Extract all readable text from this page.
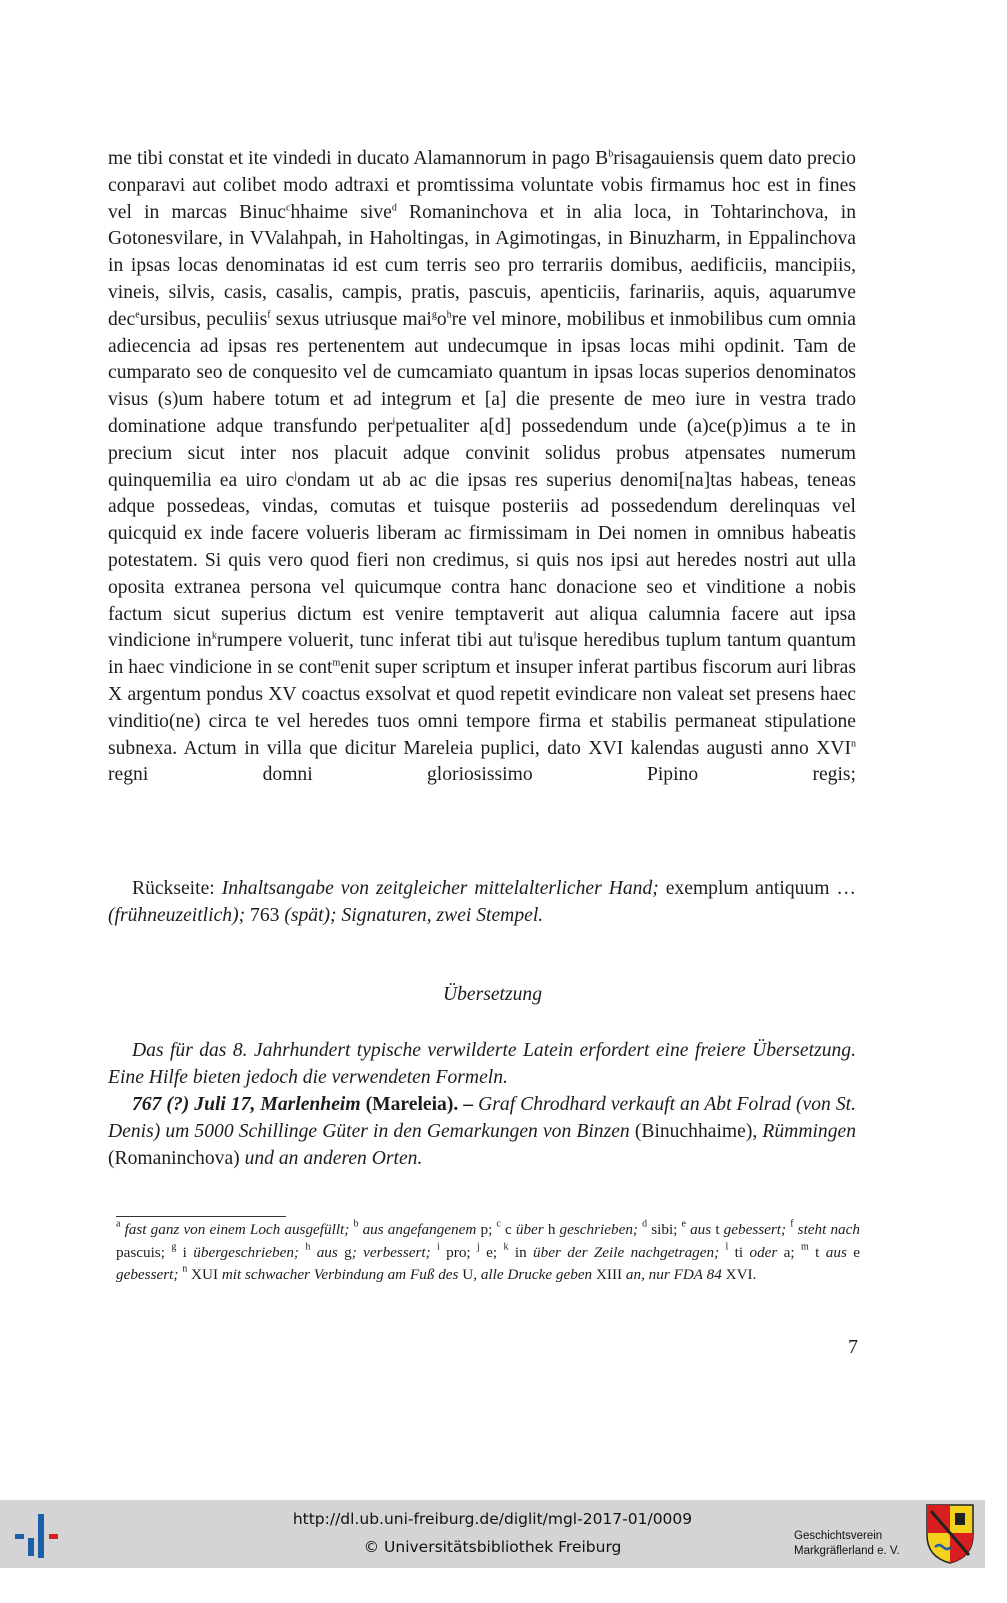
me tibi constat et ite vindedi in ducato Alamannorum in pago $B^brisagauiensis$ quem dato precio conparavi aut colibet modo adtraxi et promtissima voluntate vobis firmamus hoc est in fines vel in marcas Binuc$^c$hhaime sive$^d$ Romaninchova et in alia loca, in Tohtarinchova, in Gotonesvilare, in VValahpah, in Haholtingas, in Agimotingas, in Binuzharm, in Eppalinchova in ipsas locas denominatas id est cum terris seo pro terrariis domibus, aedificiis, mancipiis, vineis, silvis, casis, casalis, campis, pratis, pascuis, apenticiis, farinariis, aquis, aquarumve dec$^e$ursibus, peculiis$^f$ sexus utriusque $mai^go^hre$ vel minore, mobilibus et inmobilibus cum omnia adiecencia ad ipsas res pertenentem aut undecumque in ipsas locas mihi opdinit. Tam de cumparato seo de conquesito vel de cumcamiato quantum in ipsas locas superios denominatos visus (s)um habere totum et ad integrum et [a] die presente de meo iure in vestra trado dominatione adque transfundo per$^i$petualiter a[d] possedendum unde (a)ce(p)imus a te in precium sicut inter nos placuit adque convinit solidus probus atpensates numerum quinquemilia ea uiro $c^jondam$ ut ab ac die ipsas res superius denomi[na]tas habeas, teneas adque possedeas, vindas, comutas et tuisque posteriis ad possedendum derelinquas vel quicquid ex inde facere volueris liberam ac firmissimam in Dei nomen in omnibus habeatis potestatem. Si quis vero quod fieri non credimus, si quis nos ipsi aut heredes nostri aut ulla oposita extranea persona vel quicumque contra hanc donacione seo et vinditione a nobis factum sicut superius dictum est venire temptaverit aut aliqua calumnia facere aut ipsa vindicione $in^krumpere$ voluerit, tunc inferat tibi aut $tu^lisque$ heredibus tuplum tantum quantum in haec vindicione in se cont$^m$enit super scriptum et insuper inferat partibus fiscorum auri libras X argentum pondus XV coactus exsolvat et quod repetit evindicare non valeat set presens haec vinditio(ne) circa te vel heredes tuos omni tempore firma et stabilis permaneat stipulatione subnexa. Actum in villa que dicitur Mareleia puplici, dato XVI kalendas augusti anno XVI$^n$ regni domni gloriosissimo Pipino regis;

Rückseite: Inhaltsangabe von zeitgleicher mittelalterlicher Hand; exemplum antiquum …(frühneuzeitlich); 763 (spät); Signaturen, zwei Stempel.

Übersetzung

Das für das 8. Jahrhundert typische verwilderte Latein erfordert eine freiere Übersetzung. Eine Hilfe bieten jedoch die verwendeten Formeln.

767 (?) Juli 17, Marlenheim (Mareleia). – Graf Chrodhard verkauft an Abt Folrad (von St. Denis) um 5000 Schillinge Güter in den Gemarkungen von Binzen (Binuchhaime), Rümmingen (Romaninchova) und an anderen Orten.

$^a$ fast ganz von einem Loch ausgefüllt; $^b$ aus angefangenem p; $^c$ c über h geschrieben; $^d$ sibi; $^e$ aus t gebessert; $^f$ steht nach pascuis; $^g$ i übergeschrieben; $^h$ aus g; verbessert; $^i$ pro; $^j$ e; $^k$ in über der Zeile nachgetragen; $^l$ ti oder a; $^m$ t aus e gebessert; $^n$ XUI mit schwacher Verbindung am Fuß des U, alle Drucke geben XIII an, nur FDA 84 XVI.

7
http://dl.ub.uni-freiburg.de/diglit/mgl-2017-01/0009
© Universitätsbibliothek Freiburg
Geschichtsverein
Markgräflerland e. V.
